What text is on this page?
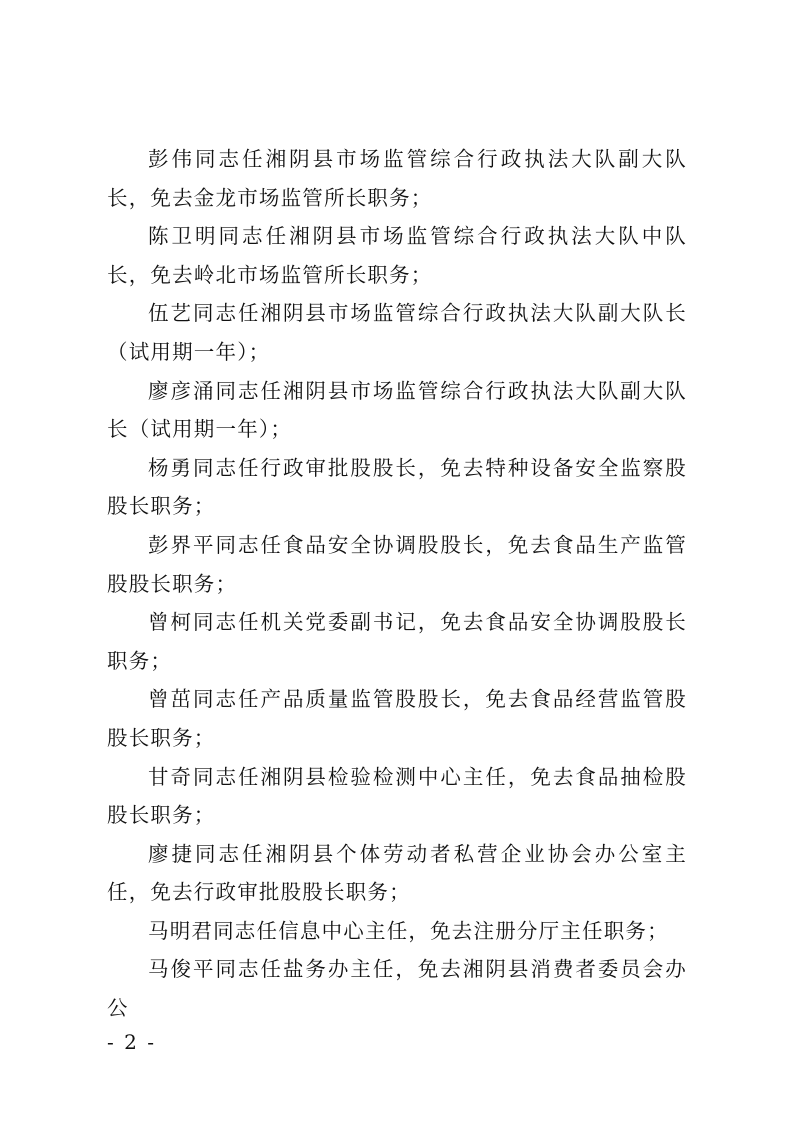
彭伟同志任湘阴县市场监管综合行政执法大队副大队长，免去金龙市场监管所长职务；

陈卫明同志任湘阴县市场监管综合行政执法大队中队长，免去岭北市场监管所长职务；

伍艺同志任湘阴县市场监管综合行政执法大队副大队长（试用期一年）；

廖彦涌同志任湘阴县市场监管综合行政执法大队副大队长（试用期一年）；

杨勇同志任行政审批股股长，免去特种设备安全监察股股长职务；

彭界平同志任食品安全协调股股长，免去食品生产监管股股长职务；

曾柯同志任机关党委副书记，免去食品安全协调股股长职务；

曾茁同志任产品质量监管股股长，免去食品经营监管股股长职务；

甘奇同志任湘阴县检验检测中心主任，免去食品抽检股股长职务；

廖捷同志任湘阴县个体劳动者私营企业协会办公室主任，免去行政审批股股长职务；

马明君同志任信息中心主任，免去注册分厅主任职务；

马俊平同志任盐务办主任，免去湘阴县消费者委员会办公

- 2 -
